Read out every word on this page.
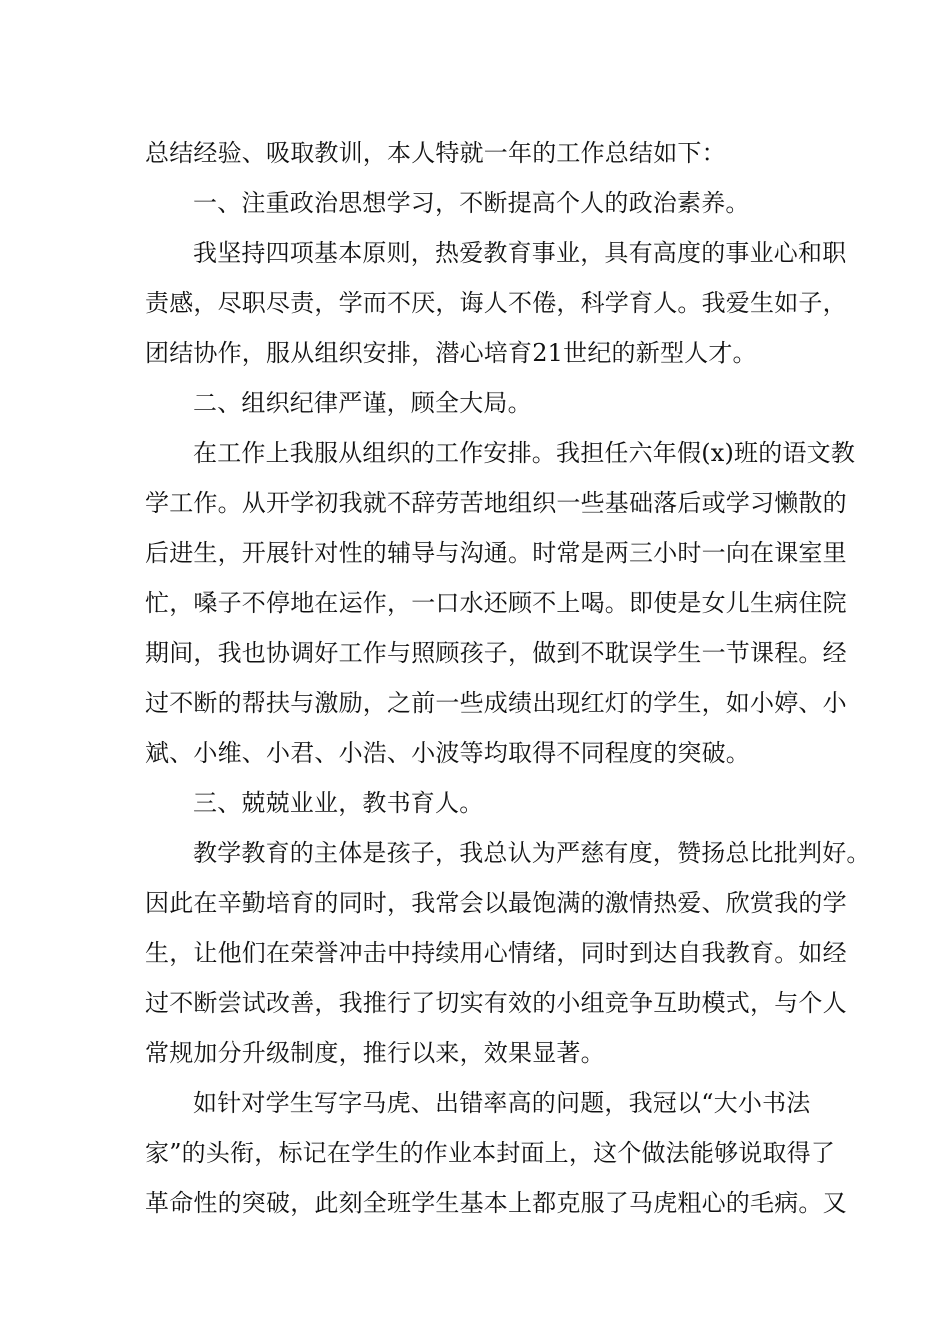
总结经验、吸取教训，本人特就一年的工作总结如下：
一、注重政治思想学习，不断提高个人的政治素养。
我坚持四项基本原则，热爱教育事业，具有高度的事业心和职
责感，尽职尽责，学而不厌，诲人不倦，科学育人。我爱生如子，
团结协作，服从组织安排，潜心培育21世纪的新型人才。
二、组织纪律严谨，顾全大局。
在工作上我服从组织的工作安排。我担任六年假(x)班的语文教
学工作。从开学初我就不辞劳苦地组织一些基础落后或学习懒散的
后进生，开展针对性的辅导与沟通。时常是两三小时一向在课室里
忙，嗓子不停地在运作，一口水还顾不上喝。即使是女儿生病住院
期间，我也协调好工作与照顾孩子，做到不耽误学生一节课程。经
过不断的帮扶与激励，之前一些成绩出现红灯的学生，如小婷、小
斌、小维、小君、小浩、小波等均取得不同程度的突破。
三、兢兢业业，教书育人。
教学教育的主体是孩子，我总认为严慈有度，赞扬总比批判好。
因此在辛勤培育的同时，我常会以最饱满的激情热爱、欣赏我的学
生，让他们在荣誉冲击中持续用心情绪，同时到达自我教育。如经
过不断尝试改善，我推行了切实有效的小组竞争互助模式，与个人
常规加分升级制度，推行以来，效果显著。
如针对学生写字马虎、出错率高的问题，我冠以“大小书法
家”的头衔，标记在学生的作业本封面上，这个做法能够说取得了
革命性的突破，此刻全班学生基本上都克服了马虎粗心的毛病。又
